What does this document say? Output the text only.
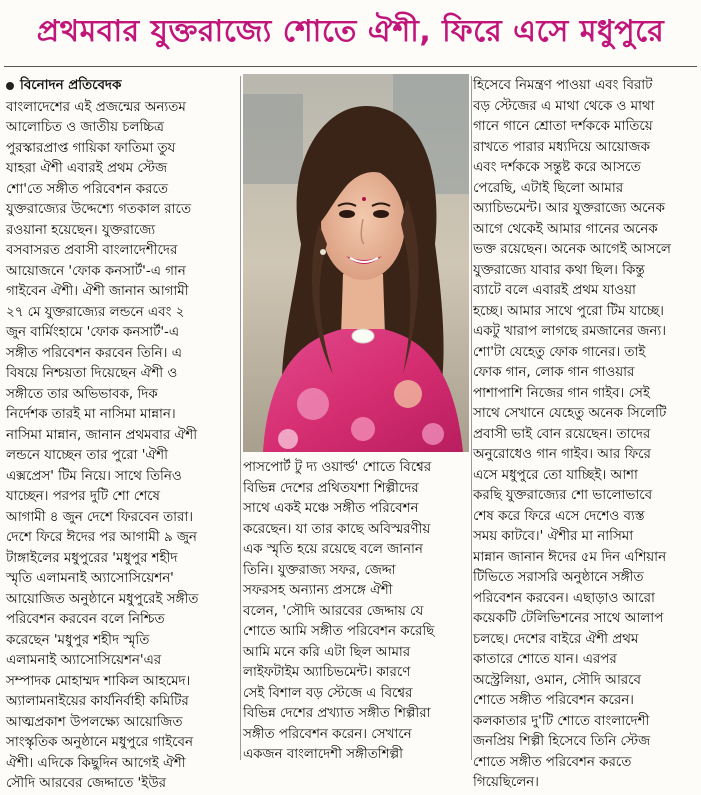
প্রথমবার যুক্তরাজ্যে শোতে ঐশী, ফিরে এসে মধুপুরে
বিনোদন প্রতিবেদক

বাংলাদেশের এই প্রজন্মের অন্যতম

আলোচিত ও জাতীয় চলচ্চিত্র

পুরস্কারপ্রাপ্ত গায়িকা ফাতিমা তুয

যাহরা ঐশী এবারই প্রথম স্টেজ

শো'তে সঙ্গীত পরিবেশন করতে

যুক্তরাজ্যের উদ্দেশ্যে গতকাল রাতে

রওয়ানা হয়েছেন। যুক্তরাজ্যে

বসবাসরত প্রবাসী বাংলাদেশীদের

আয়োজনে 'ফোক কনসার্ট'-এ গান

গাইবেন ঐশী। ঐশী জানান আগামী

২৭ মে যুক্তরাজ্যের লন্ডনে এবং ২

জুন বার্মিংহামে 'ফোক কনসার্ট'-এ

সঙ্গীত পরিবেশন করবেন তিনি। এ

বিষয়ে নিশ্চয়তা দিয়েছেন ঐশী ও

সঙ্গীতে তার অভিভাবক, দিক

নির্দেশক তারই মা নাসিমা মান্নান।

নাসিমা মান্নান, জানান প্রথমবার ঐশী

লন্ডনে যাচ্ছেন তার পুরো 'ঐশী

এক্সপ্রেস' টিম নিয়ে। সাথে তিনিও

যাচ্ছেন। পরপর দুটি শো শেষে

আগামী ৪ জুন দেশে ফিরবেন তারা।

দেশে ফিরে ঈদের পর আগামী ৯ জুন

টাঙ্গাইলের মধুপুরের 'মধুপুর শহীদ

স্মৃতি এলামনাই অ্যাসোসিয়েশন'

আয়োজিত অনুষ্ঠানে মধুপুরেই সঙ্গীত

পরিবেশন করবেন বলে নিশ্চিত

করেছেন 'মধুপুর শহীদ স্মৃতি

এলামনাই অ্যাসোসিয়েশন'এর

সম্পাদক মোহাম্মদ শাকিল আহমেদ।

অ্যালামনাইয়ের কার্যনির্বাহী কমিটির

আত্মপ্রকাশ উপলক্ষ্যে আয়োজিত

সাংস্কৃতিক অনুষ্ঠানে মধুপুরে গাইবেন

ঐশী। এদিকে কিছুদিন আগেই ঐশী

সৌদি আরবের জেদ্দাতে 'ইউর

পাসপোর্ট টু দ্য ওয়ার্ল্ড' শোতে বিশ্বের

বিভিন্ন দেশের প্রথিতযশা শিল্পীদের

সাথে একই মঞ্চে সঙ্গীত পরিবেশন

করেছেন। যা তার কাছে অবিস্মরণীয়

এক স্মৃতি হয়ে রয়েছে বলে জানান

তিনি। যুক্তরাজ্য সফর, জেদ্দা

সফরসহ অন্যান্য প্রসঙ্গে ঐশী

বলেন, 'সৌদি আরবের জেদ্দায় যে

শোতে আমি সঙ্গীত পরিবেশন করেছি

আমি মনে করি এটা ছিল আমার

লাইফটাইম অ্যাচিভমেন্ট। কারণে

সেই বিশাল বড় স্টেজে এ বিশ্বের

বিভিন্ন দেশের প্রখ্যাত সঙ্গীত শিল্পীরা

সঙ্গীত পরিবেশন করেন। সেখানে

একজন বাংলাদেশী সঙ্গীতশিল্পী

হিসেবে নিমন্ত্রণ পাওয়া এবং বিরাট

বড় স্টেজের এ মাথা থেকে ও মাথা

গানে গানে শ্রোতা দর্শককে মাতিয়ে

রাখতে পারার মধ্যদিয়ে আয়োজক

এবং দর্শককে সন্তুষ্ট করে আসতে

পেরেছি, এটাই ছিলো আমার

অ্যাচিভমেন্ট। আর যুক্তরাজ্যে অনেক

আগে থেকেই আমার গানের অনেক

ভক্ত রয়েছেন। অনেক আগেই আসলে

যুক্তরাজ্যে যাবার কথা ছিল। কিন্তু

ব্যাটে বলে এবারই প্রথম যাওয়া

হচ্ছে। আমার সাথে পুরো টিম যাচ্ছে।

একটু খারাপ লাগছে রমজানের জন্য।

শো'টা যেহেতু ফোক গানের। তাই

ফোক গান, লোক গান গাওয়ার

পাশাপাশি নিজের গান গাইব। সেই

সাথে সেখানে যেহেতু অনেক সিলেটি

প্রবাসী ভাই বোন রয়েছেন। তাদের

অনুরোধেও গান গাইব। আর ফিরে

এসে মধুপুরে তো যাচ্ছিই। আশা

করছি যুক্তরাজ্যের শো ভালোভাবে

শেষ করে ফিরে এসে দেশেও ব্যস্ত

সময় কাটবে।' ঐশীর মা নাসিমা

মান্নান জানান ঈদের ৫ম দিন এশিয়ান

টিভিতে সরাসরি অনুষ্ঠানে সঙ্গীত

পরিবেশন করবেন। এছাড়াও আরো

কয়েকটি টেলিভিশনের সাথে আলাপ

চলছে। দেশের বাইরে ঐশী প্রথম

কাতারে শোতে যান। এরপর

অস্ট্রেলিয়া, ওমান, সৌদি আরবে

শোতে সঙ্গীত পরিবেশন করেন।

কলকাতার দু'টি শোতে বাংলাদেশী

জনপ্রিয় শিল্পী হিসেবে তিনি স্টেজ

শোতে সঙ্গীত পরিবেশন করতে

গিয়েছিলেন।
